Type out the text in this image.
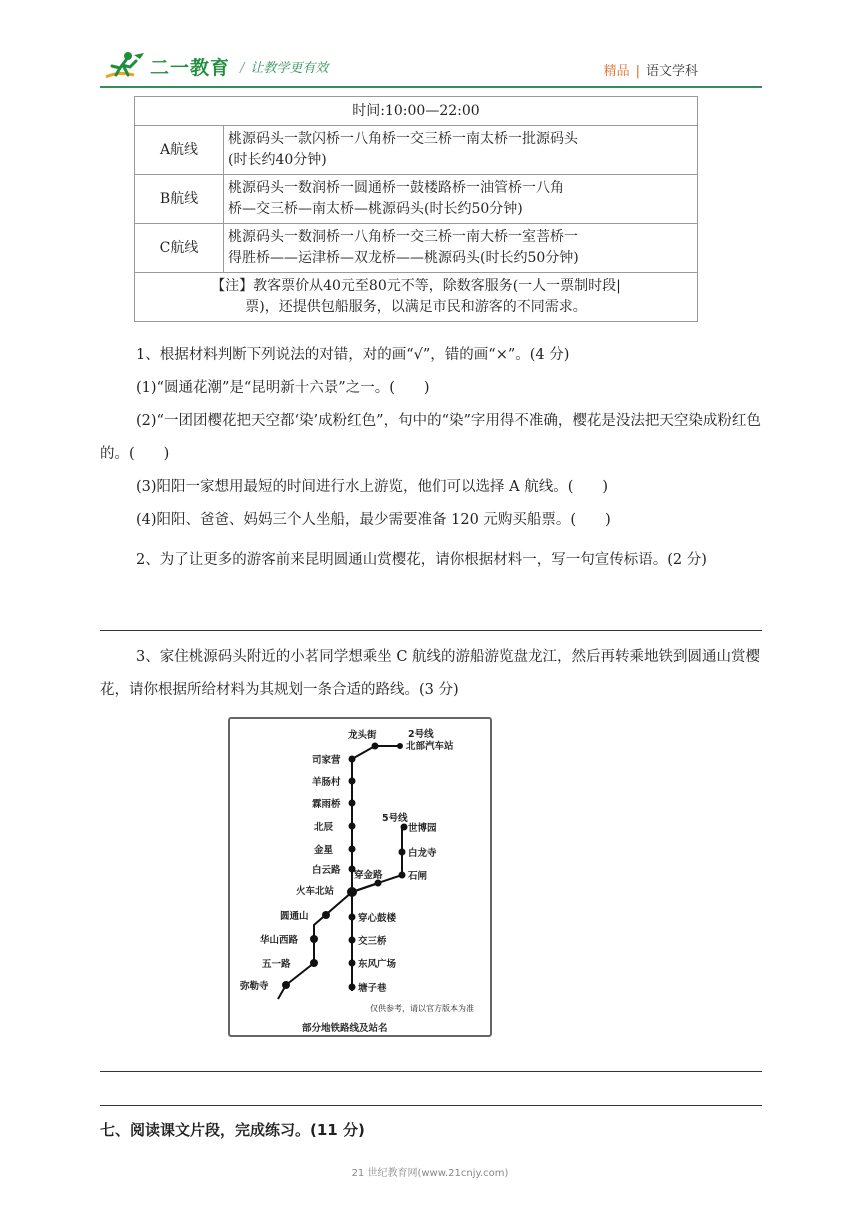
二一教育 / 让教学更有效	精品 | 语文学科
时间:10:00—22:00	
A航线	桃源码头一款闪桥一八角桥一交三桥一南太桥一批源码头
(时长约40分钟)

B航线	桃源码头一数润桥一圆通桥一鼓楼路桥一油管桥一八角
桥—交三桥—南太桥—桃源码头(时长约50分钟)

C航线	桃源码头一数洞桥一八角桥一交三桥一南大桥一室菩桥一
得胜桥——运津桥—双龙桥——桃源码头(时长约50分钟)

【注】教客票价从40元至80元不等，除数客服务(一人一票制时段|
票)，还提供包船服务，以满足市民和游客的不同需求。	

1、根据材料判断下列说法的对错，对的画“√”，错的画“×”。(4 分)

(1)“圆通花潮”是“昆明新十六景”之一。(　　)

(2)“一团团樱花把天空都‘染’成粉红色”，句中的“染”字用得不准确，樱花是没法把天空染成粉红色的。(　　)

(3)阳阳一家想用最短的时间进行水上游览，他们可以选择 A 航线。(　　)

(4)阳阳、爸爸、妈妈三个人坐船，最少需要准备 120 元购买船票。(　　)

2、为了让更多的游客前来昆明圆通山赏樱花，请你根据材料一，写一句宣传标语。(2 分)

3、家住桃源码头附近的小茗同学想乘坐 C 航线的游船游览盘龙江，然后再转乘地铁到圆通山赏樱花，请你根据所给材料为其规划一条合适的路线。(3 分)

2号线
龙头街
北部汽车站
司家营
羊肠村
霖雨桥
北辰
金星
白云路 穿金路
火车北站
5号线
世博园
白龙寺
石闸
圆通山
华山西路
五一路
弥勒寺
穿心鼓楼
交三桥
东风广场
塘子巷
仅供参考，请以官方版本为准
部分地铁路线及站名

七、阅读课文片段，完成练习。(11 分)

21 世纪教育网(www.21cnjy.com)
